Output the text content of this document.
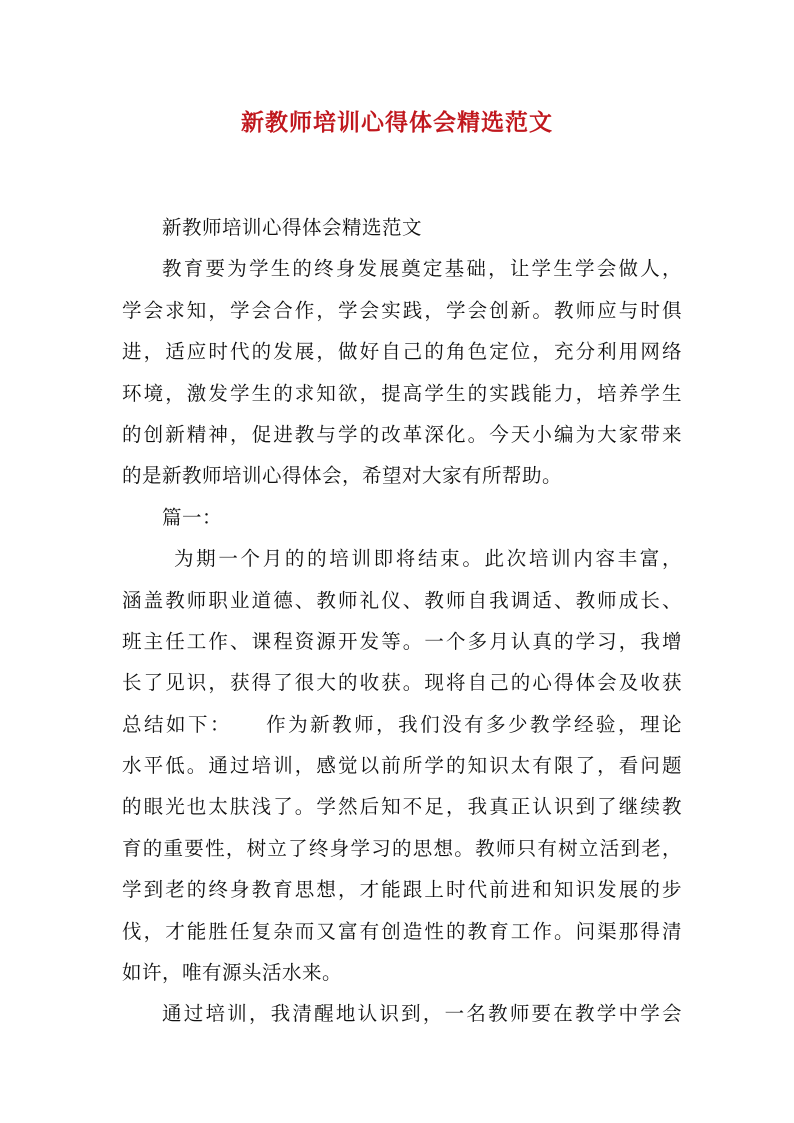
新教师培训心得体会精选范文
新教师培训心得体会精选范文
教育要为学生的终身发展奠定基础，让学生学会做人，
学会求知，学会合作，学会实践，学会创新。教师应与时俱
进，适应时代的发展，做好自己的角色定位，充分利用网络
环境，激发学生的求知欲，提高学生的实践能力，培养学生
的创新精神，促进教与学的改革深化。今天小编为大家带来
的是新教师培训心得体会，希望对大家有所帮助。
篇一：
为期一个月的的培训即将结束。此次培训内容丰富，
涵盖教师职业道德、教师礼仪、教师自我调适、教师成长、
班主任工作、课程资源开发等。一个多月认真的学习，我增
长了见识，获得了很大的收获。现将自己的心得体会及收获
总结如下：　　作为新教师，我们没有多少教学经验，理论
水平低。通过培训，感觉以前所学的知识太有限了，看问题
的眼光也太肤浅了。学然后知不足，我真正认识到了继续教
育的重要性，树立了终身学习的思想。教师只有树立活到老，
学到老的终身教育思想，才能跟上时代前进和知识发展的步
伐，才能胜任复杂而又富有创造性的教育工作。问渠那得清
如许，唯有源头活水来。
通过培训，我清醒地认识到，一名教师要在教学中学会
